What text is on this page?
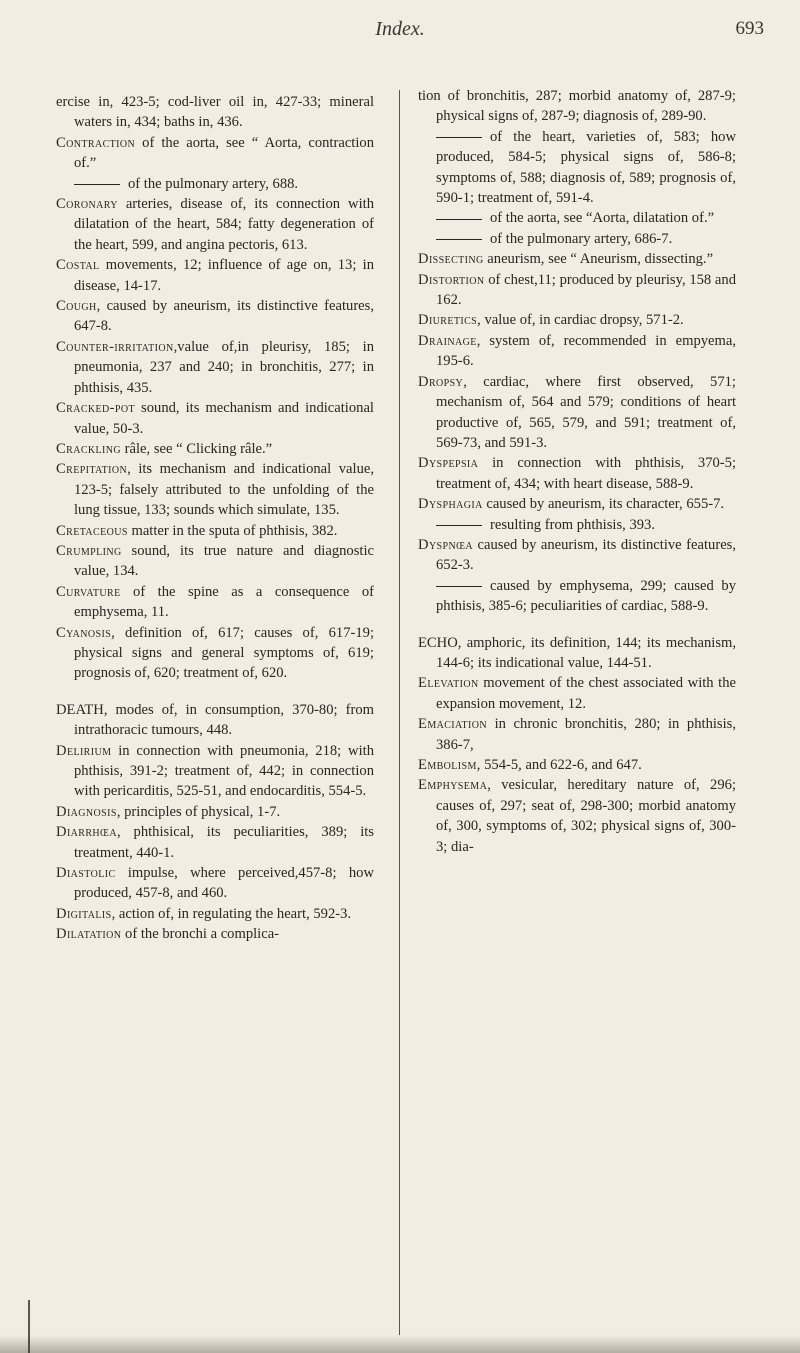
Index.	693

ercise in, 423-5; cod-liver oil in, 427-33; mineral waters in, 434; baths in, 436.

Contraction of the aorta, see “ Aorta, contraction of.”

of the pulmonary artery, 688.

Coronary arteries, disease of, its connection with dilatation of the heart, 584; fatty degeneration of the heart, 599, and angina pectoris, 613.

Costal movements, 12; influence of age on, 13; in disease, 14-17.

Cough, caused by aneurism, its distinctive features, 647-8.

Counter-irritation,value of,in pleurisy, 185; in pneumonia, 237 and 240; in bronchitis, 277; in phthisis, 435.

Cracked-pot sound, its mechanism and indicational value, 50-3.

Crackling râle, see “ Clicking râle.”

Crepitation, its mechanism and indicational value, 123-5; falsely attributed to the unfolding of the lung tissue, 133; sounds which simulate, 135.

Cretaceous matter in the sputa of phthisis, 382.

Crumpling sound, its true nature and diagnostic value, 134.

Curvature of the spine as a consequence of emphysema, 11.

Cyanosis, definition of, 617; causes of, 617-19; physical signs and general symptoms of, 619; prognosis of, 620; treatment of, 620.

DEATH, modes of, in consumption, 370-80; from intrathoracic tumours, 448.

Delirium in connection with pneumonia, 218; with phthisis, 391-2; treatment of, 442; in connection with pericarditis, 525-51, and endocarditis, 554-5.

Diagnosis, principles of physical, 1-7.

Diarrhœa, phthisical, its peculiarities, 389; its treatment, 440-1.

Diastolic impulse, where perceived,457-8; how produced, 457-8, and 460.

Digitalis, action of, in regulating the heart, 592-3.

Dilatation of the bronchi a complica-

tion of bronchitis, 287; morbid anatomy of, 287-9; physical signs of, 287-9; diagnosis of, 289-90.

of the heart, varieties of, 583; how produced, 584-5; physical signs of, 586-8; symptoms of, 588; diagnosis of, 589; prognosis of, 590-1; treatment of, 591-4.

of the aorta, see “Aorta, dilatation of.”

of the pulmonary artery, 686-7.

Dissecting aneurism, see “ Aneurism, dissecting.”

Distortion of chest,11; produced by pleurisy, 158 and 162.

Diuretics, value of, in cardiac dropsy, 571-2.

Drainage, system of, recommended in empyema, 195-6.

Dropsy, cardiac, where first observed, 571; mechanism of, 564 and 579; conditions of heart productive of, 565, 579, and 591; treatment of, 569-73, and 591-3.

Dyspepsia in connection with phthisis, 370-5; treatment of, 434; with heart disease, 588-9.

Dysphagia caused by aneurism, its character, 655-7.

resulting from phthisis, 393.

Dyspnœa caused by aneurism, its distinctive features, 652-3.

caused by emphysema, 299; caused by phthisis, 385-6; peculiarities of cardiac, 588-9.

ECHO, amphoric, its definition, 144; its mechanism, 144-6; its indicational value, 144-51.

Elevation movement of the chest associated with the expansion movement, 12.

Emaciation in chronic bronchitis, 280; in phthisis, 386-7,

Embolism, 554-5, and 622-6, and 647.

Emphysema, vesicular, hereditary nature of, 296; causes of, 297; seat of, 298-300; morbid anatomy of, 300, symptoms of, 302; physical signs of, 300-3; dia-
